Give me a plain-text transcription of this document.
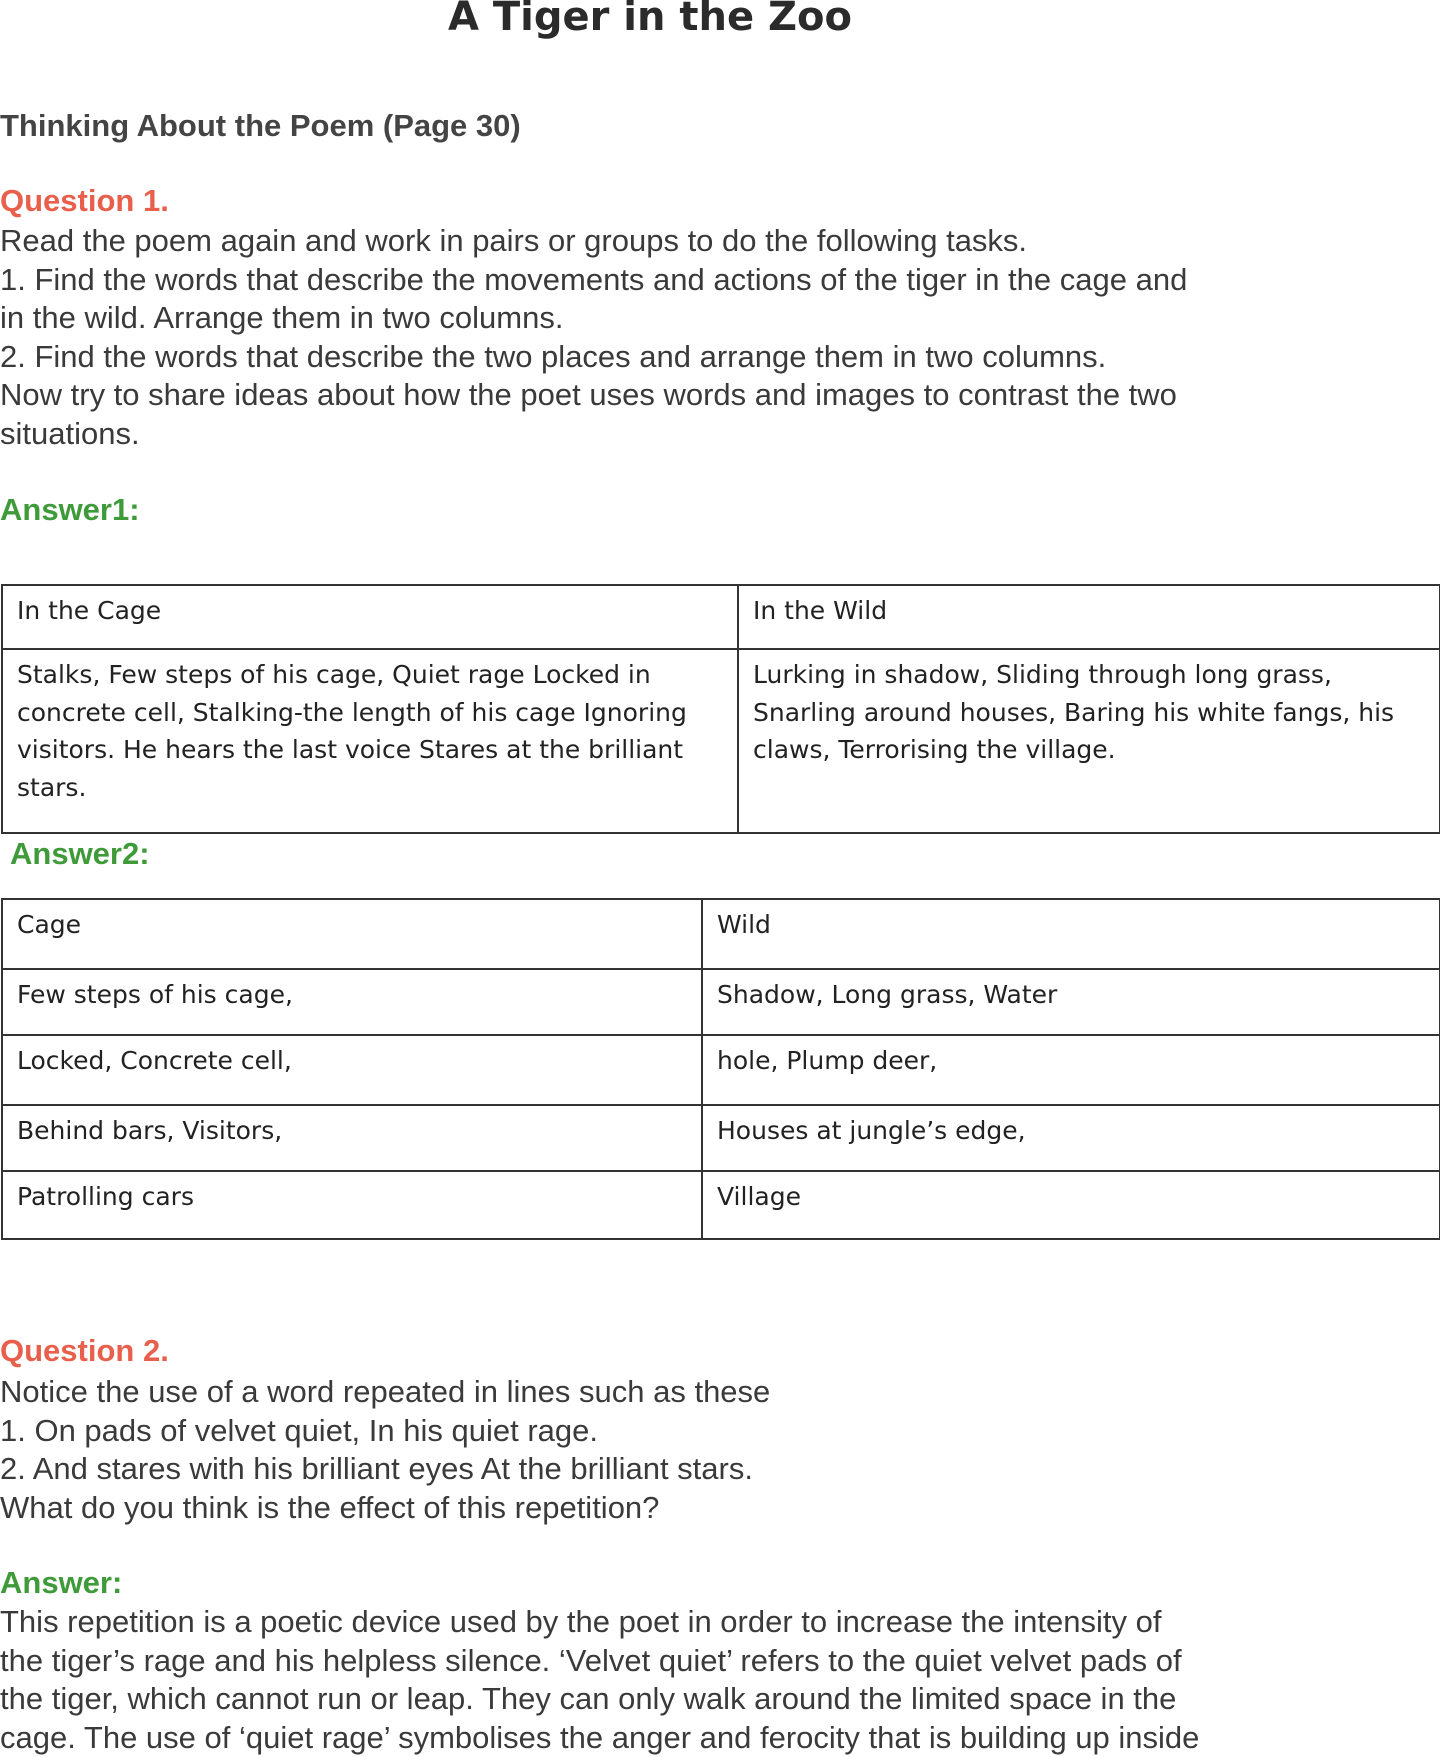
A Tiger in the Zoo
Thinking About the Poem (Page 30)
Question 1.
Read the poem again and work in pairs or groups to do the following tasks.
1. Find the words that describe the movements and actions of the tiger in the cage and
in the wild. Arrange them in two columns.
2. Find the words that describe the two places and arrange them in two columns.
Now try to share ideas about how the poet uses words and images to contrast the two
situations.
Answer1:
In the Cage	In the Wild
Stalks, Few steps of his cage, Quiet rage Locked in concrete cell, Stalking-the length of his cage Ignoring visitors. He hears the last voice Stares at the brilliant stars.	Lurking in shadow, Sliding through long grass, Snarling around houses, Baring his white fangs, his claws, Terrorising the village.
Answer2:
Cage	Wild
Few steps of his cage,	Shadow, Long grass, Water
Locked, Concrete cell,	hole, Plump deer,
Behind bars, Visitors,	Houses at jungle’s edge,
Patrolling cars	Village
Question 2.
Notice the use of a word repeated in lines such as these
1. On pads of velvet quiet, In his quiet rage.
2. And stares with his brilliant eyes At the brilliant stars.
What do you think is the effect of this repetition?
Answer:
This repetition is a poetic device used by the poet in order to increase the intensity of
the tiger’s rage and his helpless silence. ‘Velvet quiet’ refers to the quiet velvet pads of
the tiger, which cannot run or leap. They can only walk around the limited space in the
cage. The use of ‘quiet rage’ symbolises the anger and ferocity that is building up inside
